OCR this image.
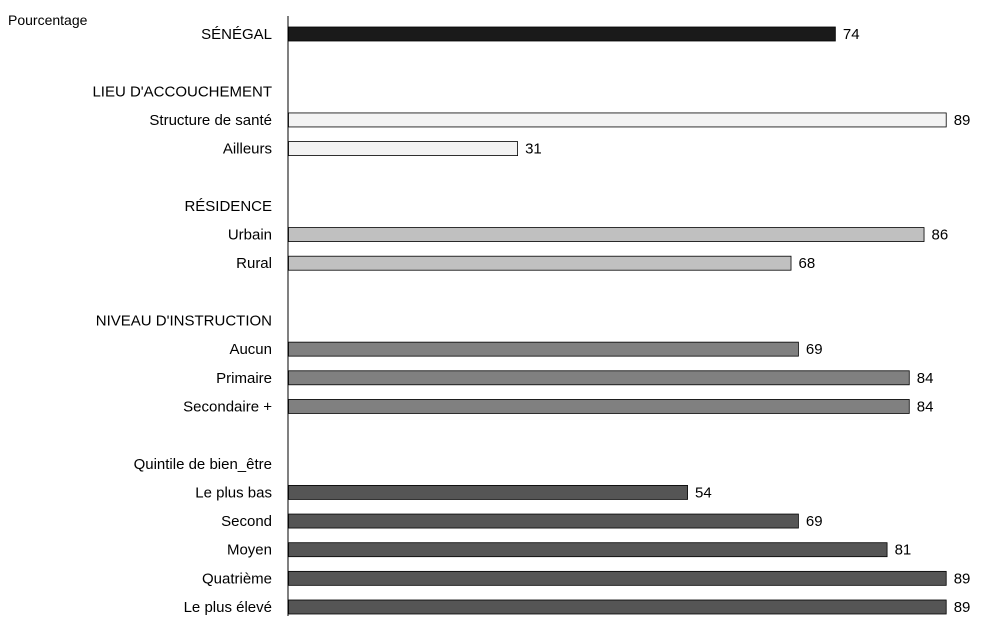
Pourcentage
SÉNÉGAL	74
LIEU D'ACCOUCHEMENT
Structure de santé	89
Ailleurs	31
RÉSIDENCE
Urbain	86
Rural	68
NIVEAU D'INSTRUCTION
Aucun	69
Primaire	84
Secondaire +	84
Quintile de bien_être
Le plus bas	54
Second	69
Moyen	81
Quatrième	89
Le plus élevé	89
